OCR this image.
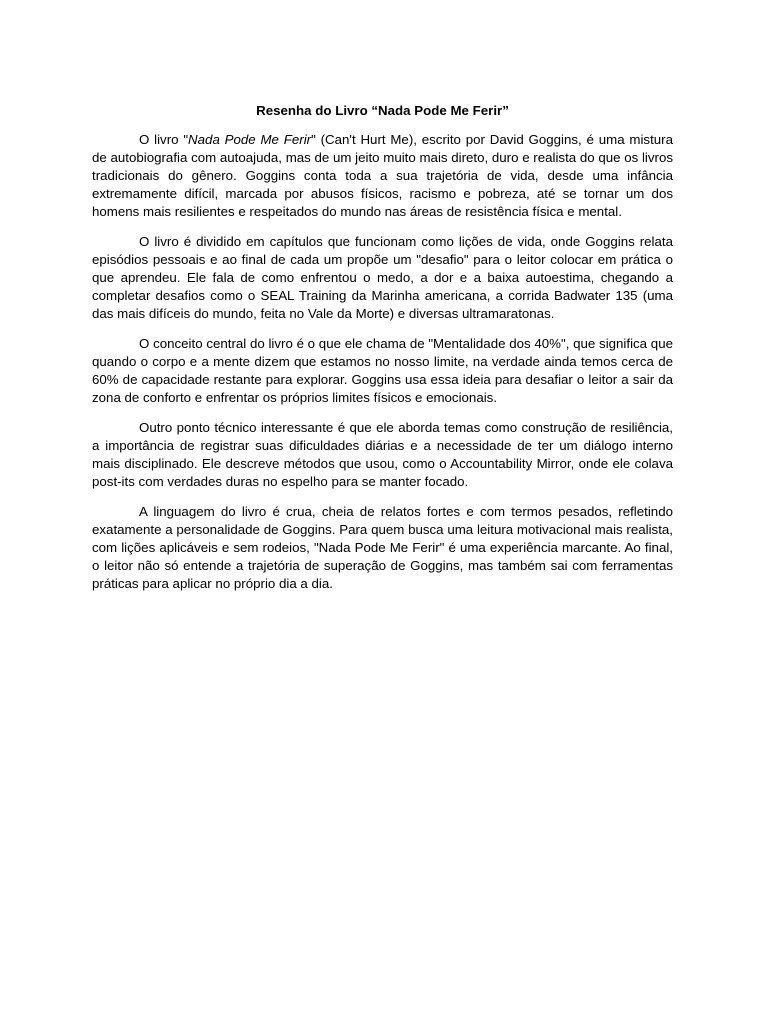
Resenha do Livro “Nada Pode Me Ferir”

O livro "Nada Pode Me Ferir" (Can't Hurt Me), escrito por David Goggins, é uma mistura de autobiografia com autoajuda, mas de um jeito muito mais direto, duro e realista do que os livros tradicionais do gênero. Goggins conta toda a sua trajetória de vida, desde uma infância extremamente difícil, marcada por abusos físicos, racismo e pobreza, até se tornar um dos homens mais resilientes e respeitados do mundo nas áreas de resistência física e mental.

O livro é dividido em capítulos que funcionam como lições de vida, onde Goggins relata episódios pessoais e ao final de cada um propõe um "desafio" para o leitor colocar em prática o que aprendeu. Ele fala de como enfrentou o medo, a dor e a baixa autoestima, chegando a completar desafios como o SEAL Training da Marinha americana, a corrida Badwater 135 (uma das mais difíceis do mundo, feita no Vale da Morte) e diversas ultramaratonas.

O conceito central do livro é o que ele chama de "Mentalidade dos 40%", que significa que quando o corpo e a mente dizem que estamos no nosso limite, na verdade ainda temos cerca de 60% de capacidade restante para explorar. Goggins usa essa ideia para desafiar o leitor a sair da zona de conforto e enfrentar os próprios limites físicos e emocionais.

Outro ponto técnico interessante é que ele aborda temas como construção de resiliência, a importância de registrar suas dificuldades diárias e a necessidade de ter um diálogo interno mais disciplinado. Ele descreve métodos que usou, como o Accountability Mirror, onde ele colava post-its com verdades duras no espelho para se manter focado.

A linguagem do livro é crua, cheia de relatos fortes e com termos pesados, refletindo exatamente a personalidade de Goggins. Para quem busca uma leitura motivacional mais realista, com lições aplicáveis e sem rodeios, "Nada Pode Me Ferir" é uma experiência marcante. Ao final, o leitor não só entende a trajetória de superação de Goggins, mas também sai com ferramentas práticas para aplicar no próprio dia a dia.
